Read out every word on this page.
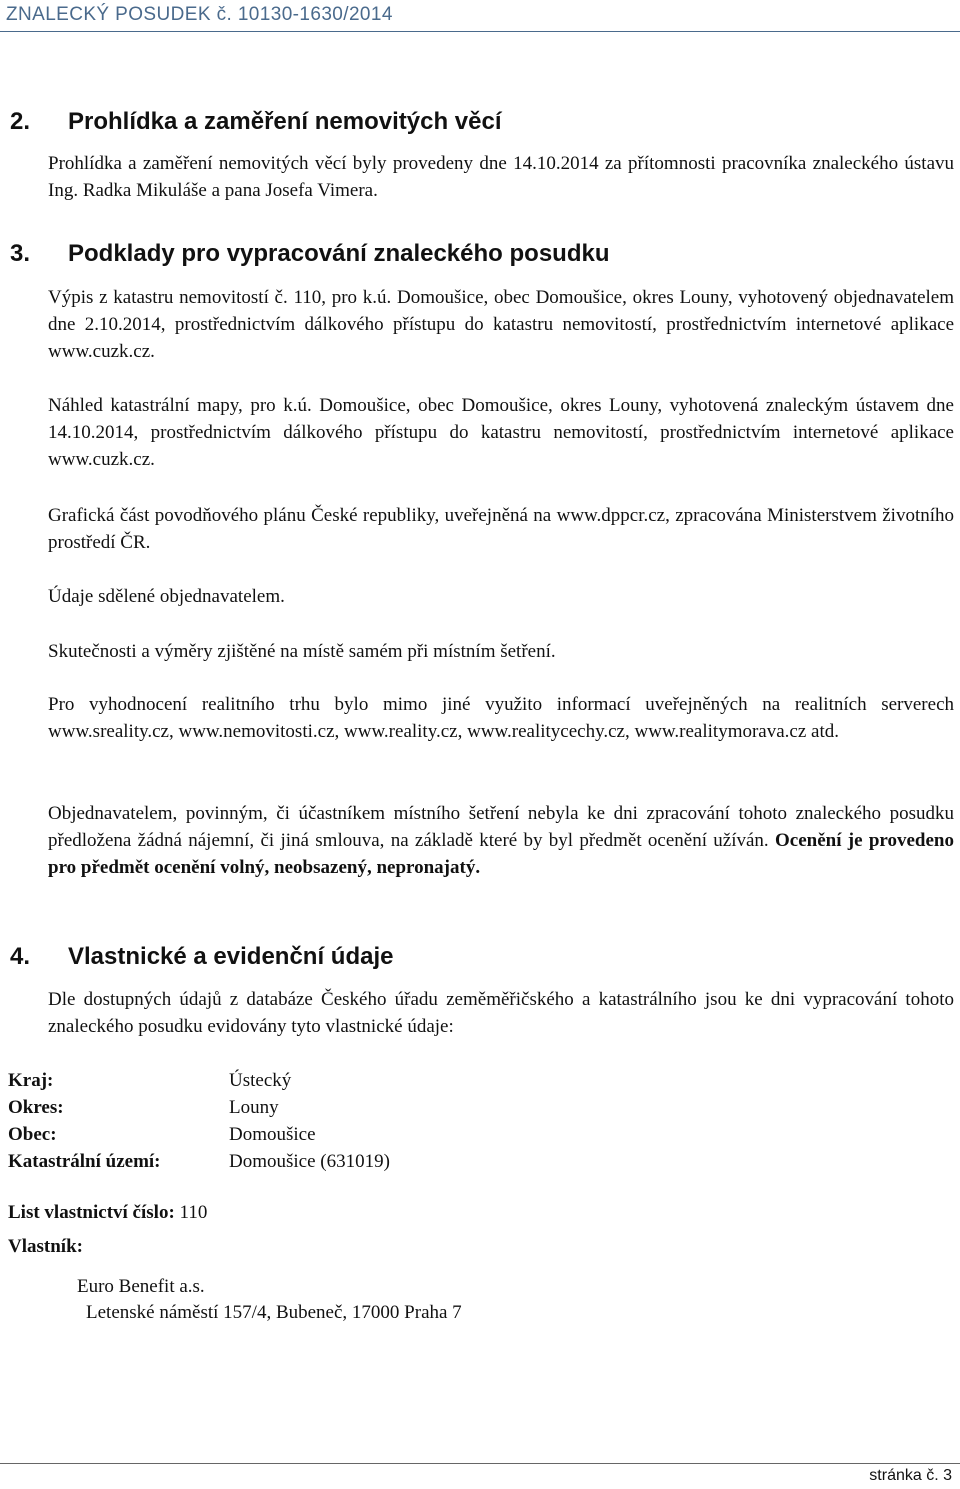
ZNALECKÝ POSUDEK č. 10130-1630/2014
2. Prohlídka a zaměření nemovitých věcí
Prohlídka a zaměření nemovitých věcí byly provedeny dne 14.10.2014 za přítomnosti pracovníka znaleckého ústavu Ing. Radka Mikuláše a pana Josefa Vimera.
3. Podklady pro vypracování znaleckého posudku
Výpis z katastru nemovitostí č. 110, pro k.ú. Domoušice, obec Domoušice, okres Louny, vyhotovený objednavatelem dne 2.10.2014, prostřednictvím dálkového přístupu do katastru nemovitostí, prostřednictvím internetové aplikace www.cuzk.cz.
Náhled katastrální mapy, pro k.ú. Domoušice, obec Domoušice, okres Louny, vyhotovená znaleckým ústavem dne 14.10.2014, prostřednictvím dálkového přístupu do katastru nemovitostí, prostřednictvím internetové aplikace www.cuzk.cz.
Grafická část povodňového plánu České republiky, uveřejněná na www.dppcr.cz, zpracována Ministerstvem životního prostředí ČR.
Údaje sdělené objednavatelem.
Skutečnosti a výměry zjištěné na místě samém při místním šetření.
Pro vyhodnocení realitního trhu bylo mimo jiné využito informací uveřejněných na realitních serverech www.sreality.cz, www.nemovitosti.cz, www.reality.cz, www.realitycechy.cz, www.realitymorava.cz atd.
Objednavatelem, povinným, či účastníkem místního šetření nebyla ke dni zpracování tohoto znaleckého posudku předložena žádná nájemní, či jiná smlouva, na základě které by byl předmět ocenění užíván. Ocenění je provedeno pro předmět ocenění volný, neobsazený, nepronajatý.
4. Vlastnické a evidenční údaje
Dle dostupných údajů z databáze Českého úřadu zeměměřičského a katastrálního jsou ke dni vypracování tohoto znaleckého posudku evidovány tyto vlastnické údaje:
Kraj:	Ústecký
Okres:	Louny
Obec:	Domoušice
Katastrální území:	Domoušice (631019)
List vlastnictví číslo: 110
Vlastník:
Euro Benefit a.s.
Letenské náměstí 157/4, Bubeneč, 17000 Praha 7
stránka č. 3
